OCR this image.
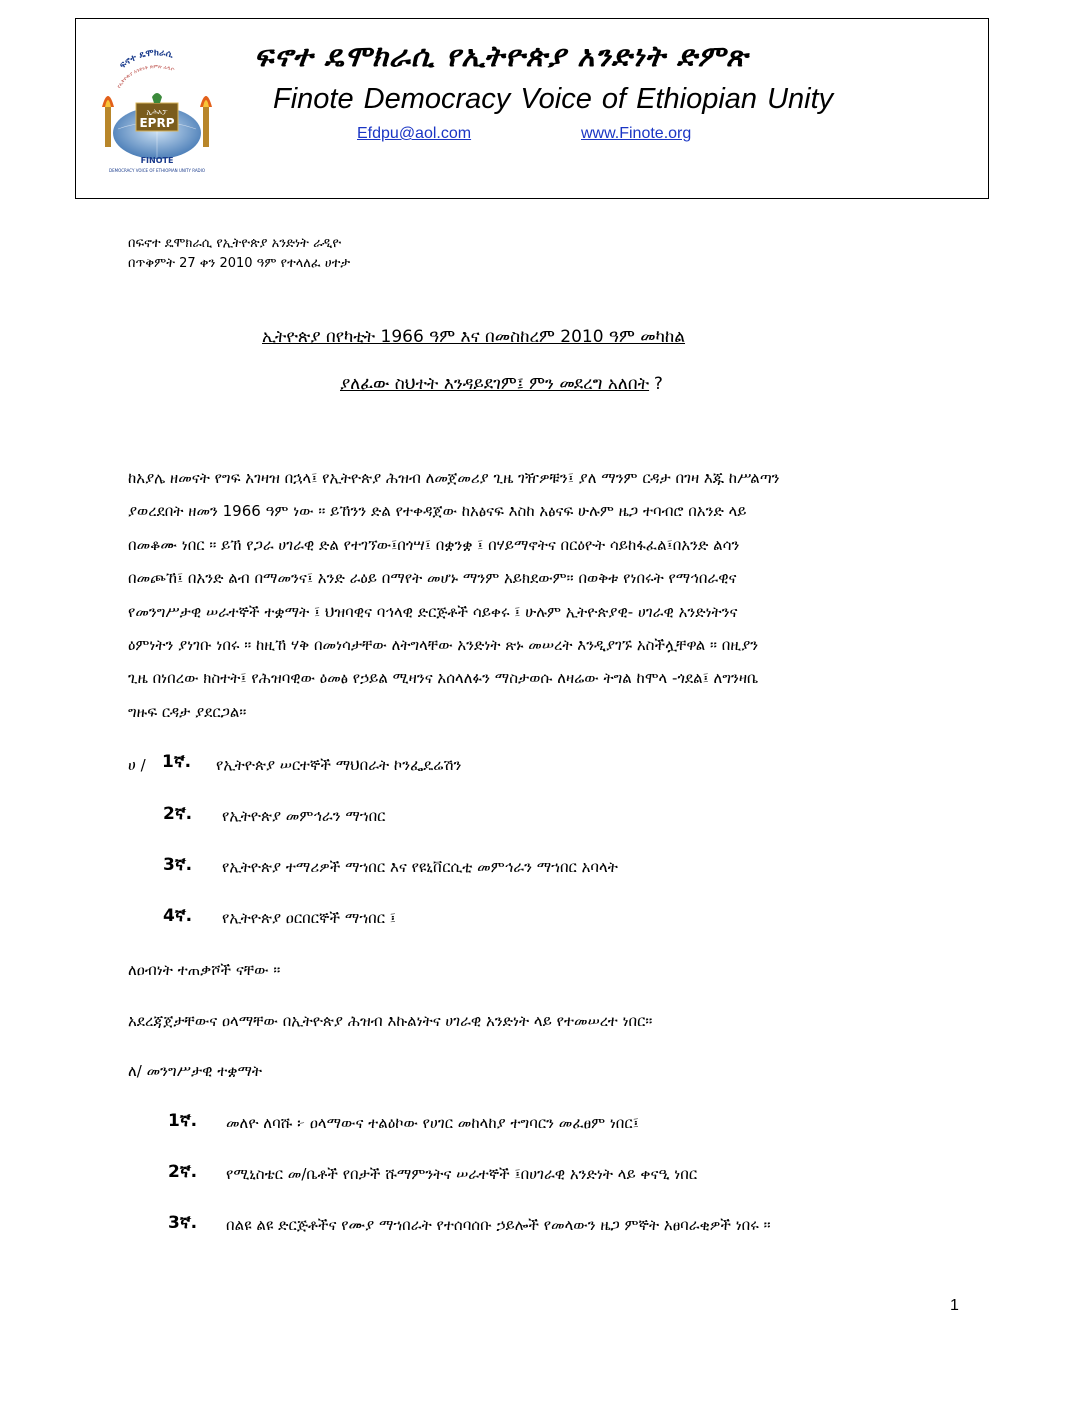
ፍኖተ ዴሞክራሲ
የኢትዮጵያ አንድነት ድምጽ ሬዲዮ
ኢሕአፓ
EPRP
FINOTE
DEMOCRACY VOICE OF ETHIOPIAN UNITY RADIO
ፍኖተ ዴሞክራሲ የኢትዮጵያ አንድነት ድምጽ
Finote Democracy Voice of Ethiopian Unity
Efdpu@aol.com	www.Finote.org
በፍኖተ ዴሞክራሲ የኢትዮጵያ አንድነት ራዲዮ
በጥቅምት 27 ቀን 2010 ዓም የተላለፈ ሀተታ
ኢትዮጵያ በየካቲት 1966 ዓም እና በመስከረም 2010 ዓም መካከል
ያለፈው ስህተት እንዳይደገም፤ ምን መደረግ አለበት ?
ከአያሌ ዘመናት የግፍ አገዛዝ በኋላ፤ የኢትዮጵያ ሕዝብ ለመጀመሪያ ጊዜ ገዥዎቹን፤ ያለ ማንም ርዳታ በገዛ እጁ ከሥልጣን
ያወረደበት ዘመን 1966 ዓም ነው ። ይኸንን ድል የተቀዳጀው ከአፅናፍ እስከ አፅናፍ ሁሉም ዜጋ ተባብሮ በአንድ ላይ
በመቆሙ ነበር ። ይኸ የጋራ ሀገራዊ ድል የተገኘው፤በጎሣ፤ በቋንቋ ፤ በሃይማኖትና በርዕዮት ሳይከፋፈል፤በአንድ ልሳን
በመጮኸ፤ በአንድ ልብ በማመንና፤ አንድ ራዕይ በማየት መሆኑ ማንም አይክደውም። በወቅቱ የነበሩት የማኅበራዊና
የመንግሥታዊ ሠራተኞች ተቋማት ፤ ህዝባዊና ባኅላዊ ድርጅቶች ሳይቀሩ ፤ ሁሉም ኢትዮጵያዊ- ሀገራዊ አንድነትንና
ዕምነትን ያነገቡ ነበሩ ። ከዚኸ ሃቅ በመነሳታቸው ለትግላቸው አንድነት ጽኑ መሠረት እንዲያገኙ አስችሏቸዋል ። በዚያን
ጊዜ በነበረው ክስተት፤ የሕዝባዊው ዕመፅ የኃይል ሚዛንና አሰላለፉን ማስታወሱ ለዛሬው ትግል ከሞላ -ጎደል፤ ለግንዛቤ
ግዙፍ ርዳታ ያደርጋል።
ሀ / 1ኛ. የኢትዮጵያ ሠርተኞች ማህበራት ኮንፌዴሬሽን
2ኛ. የኢትዮጵያ መምኅራን ማኀበር
3ኛ. የኢትዮጵያ ተማሪዎች ማኀበር እና የዩኒቨርሲቲ መምኅራን ማኀበር አባላት
4ኛ. የኢትዮጵያ ዐርበርኞች ማኀበር ፤
ለዐብነት ተጠቃሾች ናቸው ።
አደረጃጀታቸውና ዐላማቸው በኢትዮጵያ ሕዝብ እኩልነትና ሀገራዊ አንድነት ላይ የተመሠረተ ነበር።
ለ/ መንግሥታዊ ተቋማት
1ኛ. መለዮ ለባሹ ፦ ዐላማውና ተልዕኮው የሀገር መከላከያ ተግባርን መፈፀም ነበር፤
2ኛ. የሚኒስቴር መ/ቤቶች የበታች ሹማምንትና ሠራተኞች ፤በሀገራዊ አንድነት ላይ ቀናዒ ነበር
3ኛ. በልዩ ልዩ ድርጅቶችና የሙያ ማኀበራት የተሰባሰቡ ኃይሎች የመላውን ዜጋ ምኞት አፀባራቂዎች ነበሩ ።
1
